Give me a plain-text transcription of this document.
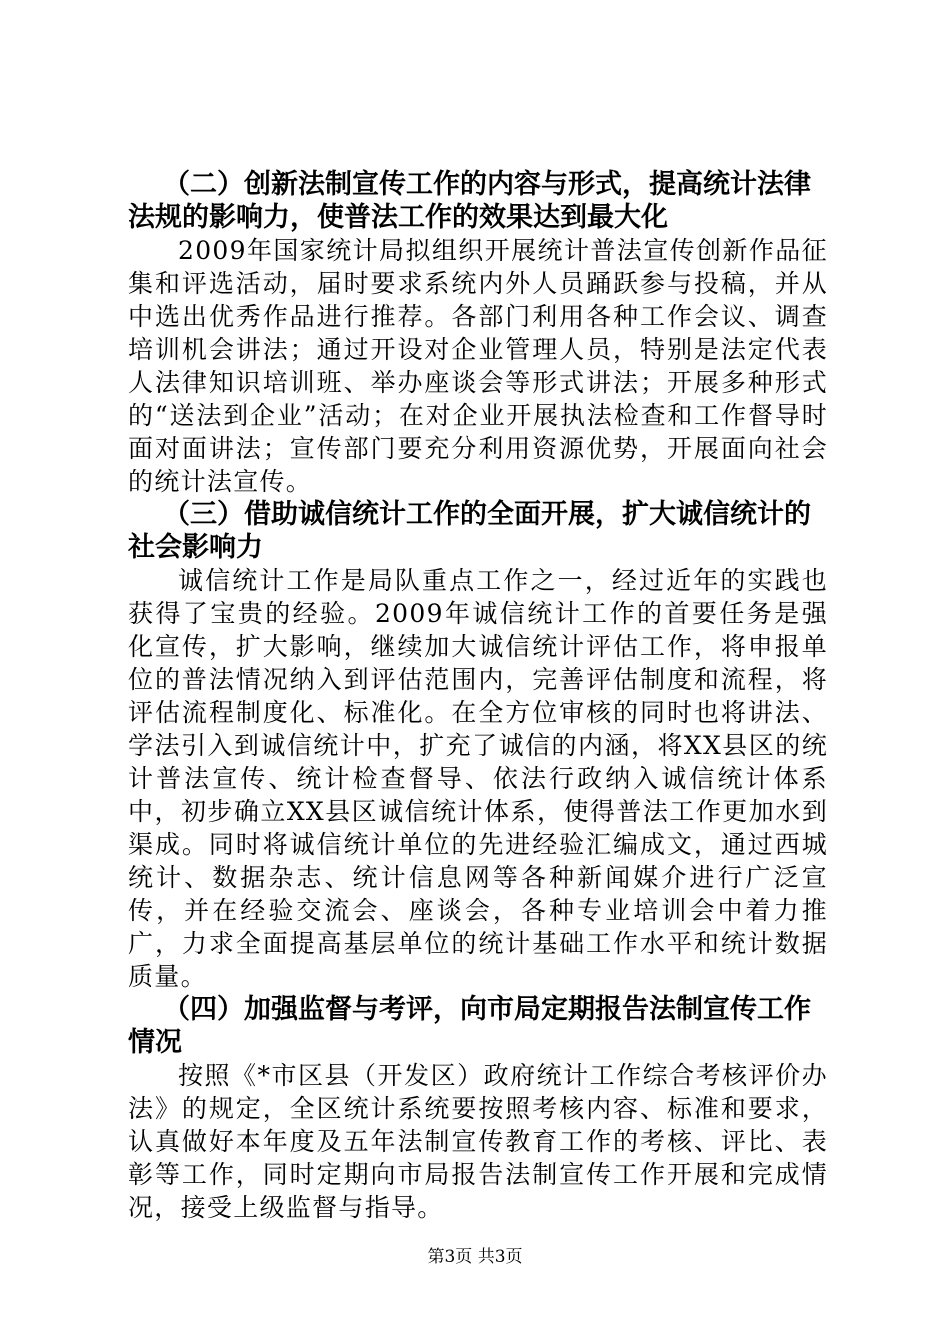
（二）创新法制宣传工作的内容与形式，提高统计法律法规的影响力，使普法工作的效果达到最大化

2009年国家统计局拟组织开展统计普法宣传创新作品征集和评选活动，届时要求系统内外人员踊跃参与投稿，并从中选出优秀作品进行推荐。各部门利用各种工作会议、调查培训机会讲法；通过开设对企业管理人员，特别是法定代表人法律知识培训班、举办座谈会等形式讲法；开展多种形式的“送法到企业”活动；在对企业开展执法检查和工作督导时面对面讲法；宣传部门要充分利用资源优势，开展面向社会的统计法宣传。

（三）借助诚信统计工作的全面开展，扩大诚信统计的社会影响力

诚信统计工作是局队重点工作之一，经过近年的实践也获得了宝贵的经验。2009年诚信统计工作的首要任务是强化宣传，扩大影响，继续加大诚信统计评估工作，将申报单位的普法情况纳入到评估范围内，完善评估制度和流程，将评估流程制度化、标准化。在全方位审核的同时也将讲法、学法引入到诚信统计中，扩充了诚信的内涵，将XX县区的统计普法宣传、统计检查督导、依法行政纳入诚信统计体系中，初步确立XX县区诚信统计体系，使得普法工作更加水到渠成。同时将诚信统计单位的先进经验汇编成文，通过西城统计、数据杂志、统计信息网等各种新闻媒介进行广泛宣传，并在经验交流会、座谈会，各种专业培训会中着力推广，力求全面提高基层单位的统计基础工作水平和统计数据质量。

（四）加强监督与考评，向市局定期报告法制宣传工作情况

按照《*市区县（开发区）政府统计工作综合考核评价办法》的规定，全区统计系统要按照考核内容、标准和要求，认真做好本年度及五年法制宣传教育工作的考核、评比、表彰等工作，同时定期向市局报告法制宣传工作开展和完成情况，接受上级监督与指导。

第3页 共3页
